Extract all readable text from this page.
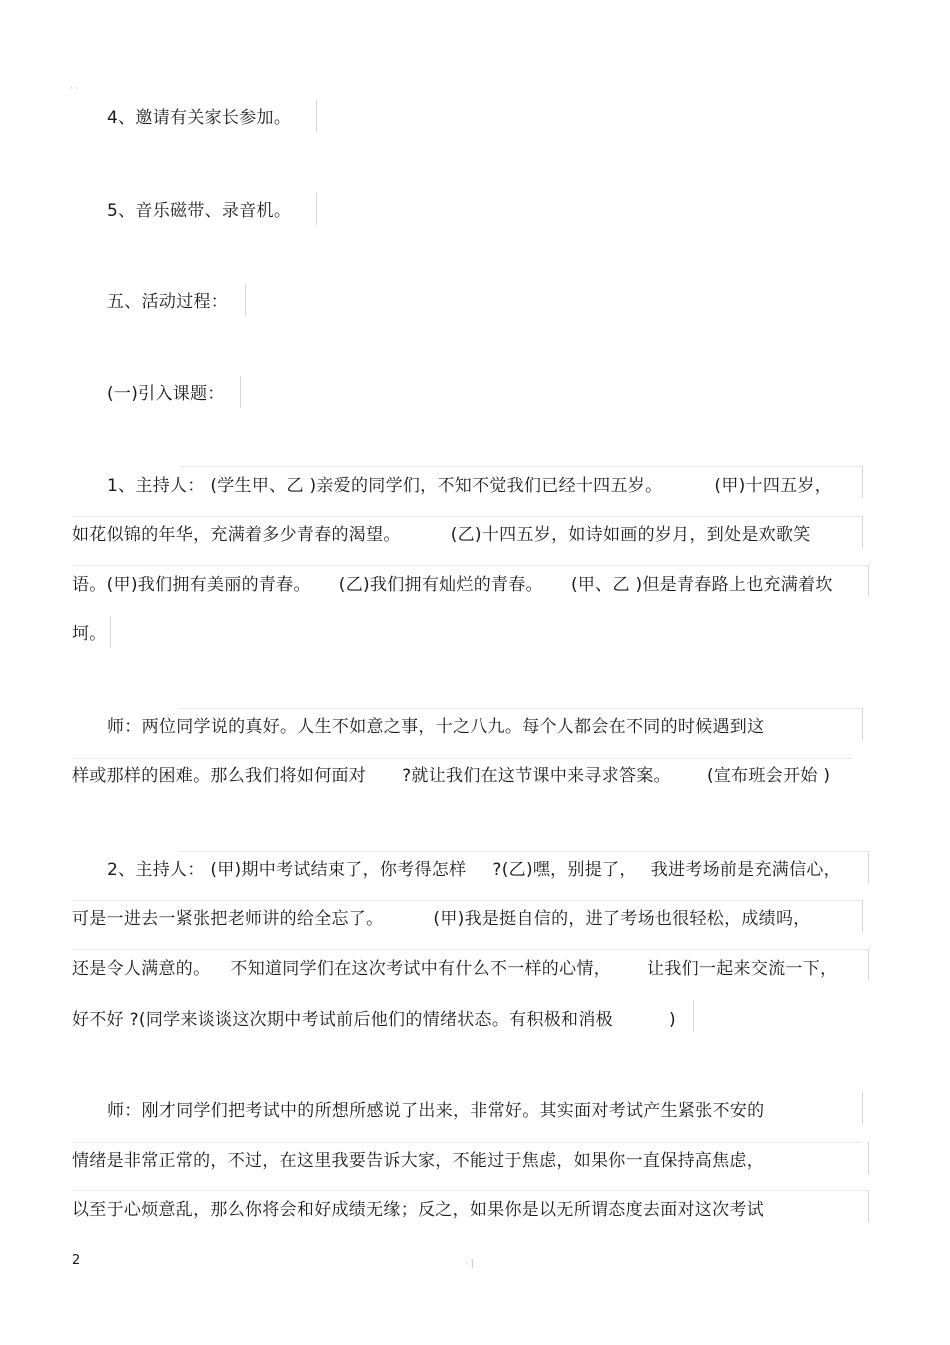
· ·
4、邀请有关家长参加。
5、音乐磁带、录音机。
五、活动过程：
(一)引入课题：
1、主持人： (学生甲、乙 )亲爱的同学们，不知不觉我们已经十四五岁。	(甲)十四五岁，
如花似锦的年华，充满着多少青春的渴望。	(乙)十四五岁，如诗如画的岁月，到处是欢歌笑
语。(甲)我们拥有美丽的青春。 (乙)我们拥有灿烂的青春。 (甲、乙 )但是青春路上也充满着坎
坷。
师：两位同学说的真好。人生不如意之事，十之八九。每个人都会在不同的时候遇到这
样或那样的困难。那么我们将如何面对 ?就让我们在这节课中来寻求答案。 (宣布班会开始 )
2、主持人： (甲)期中考试结束了，你考得怎样 ?(乙)嘿，别提了， 我进考场前是充满信心，
可是一进去一紧张把老师讲的给全忘了。	(甲)我是挺自信的，进了考场也很轻松，成绩吗，
还是令人满意的。 不知道同学们在这次考试中有什么不一样的心情， 让我们一起来交流一下，
好不好 ?(同学来谈谈这次期中考试前后他们的情绪状态。有积极和消极	)
师：刚才同学们把考试中的所想所感说了出来，非常好。其实面对考试产生紧张不安的
情绪是非常正常的，不过，在这里我要告诉大家，不能过于焦虑，如果你一直保持高焦虑，
以至于心烦意乱，那么你将会和好成绩无缘；反之，如果你是以无所谓态度去面对这次考试
2	· |
